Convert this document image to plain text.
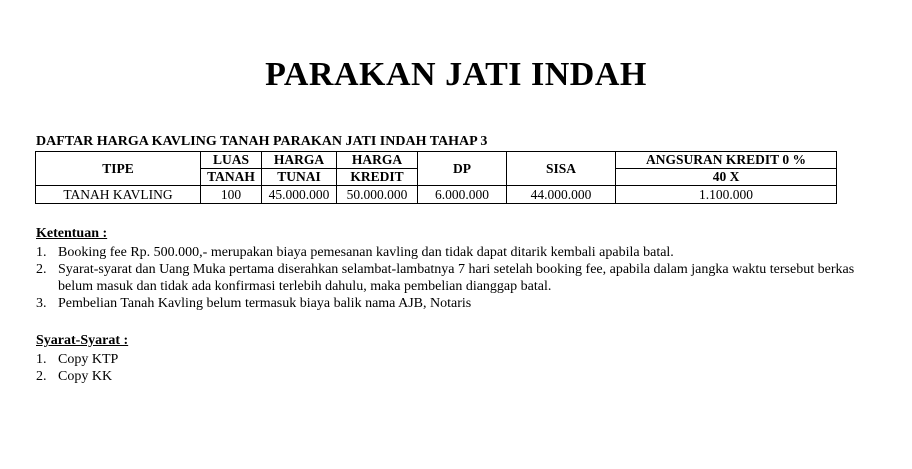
PARAKAN JATI INDAH
DAFTAR HARGA KAVLING TANAH PARAKAN JATI INDAH TAHAP 3
TIPE	LUAS	HARGA	HARGA	DP	SISA	ANGSURAN KREDIT 0 %
	TANAH	TUNAI	KREDIT			40 X
TANAH KAVLING	100	45.000.000	50.000.000	6.000.000	44.000.000	1.100.000
Ketentuan :
1. Booking fee Rp. 500.000,- merupakan biaya pemesanan kavling dan tidak dapat ditarik kembali apabila batal.
2. Syarat-syarat dan Uang Muka pertama diserahkan selambat-lambatnya 7 hari setelah booking fee, apabila dalam jangka waktu tersebut berkas belum masuk dan tidak ada konfirmasi terlebih dahulu, maka pembelian dianggap batal.
3. Pembelian Tanah Kavling belum termasuk biaya balik nama AJB, Notaris
Syarat-Syarat :
1. Copy KTP
2. Copy KK
